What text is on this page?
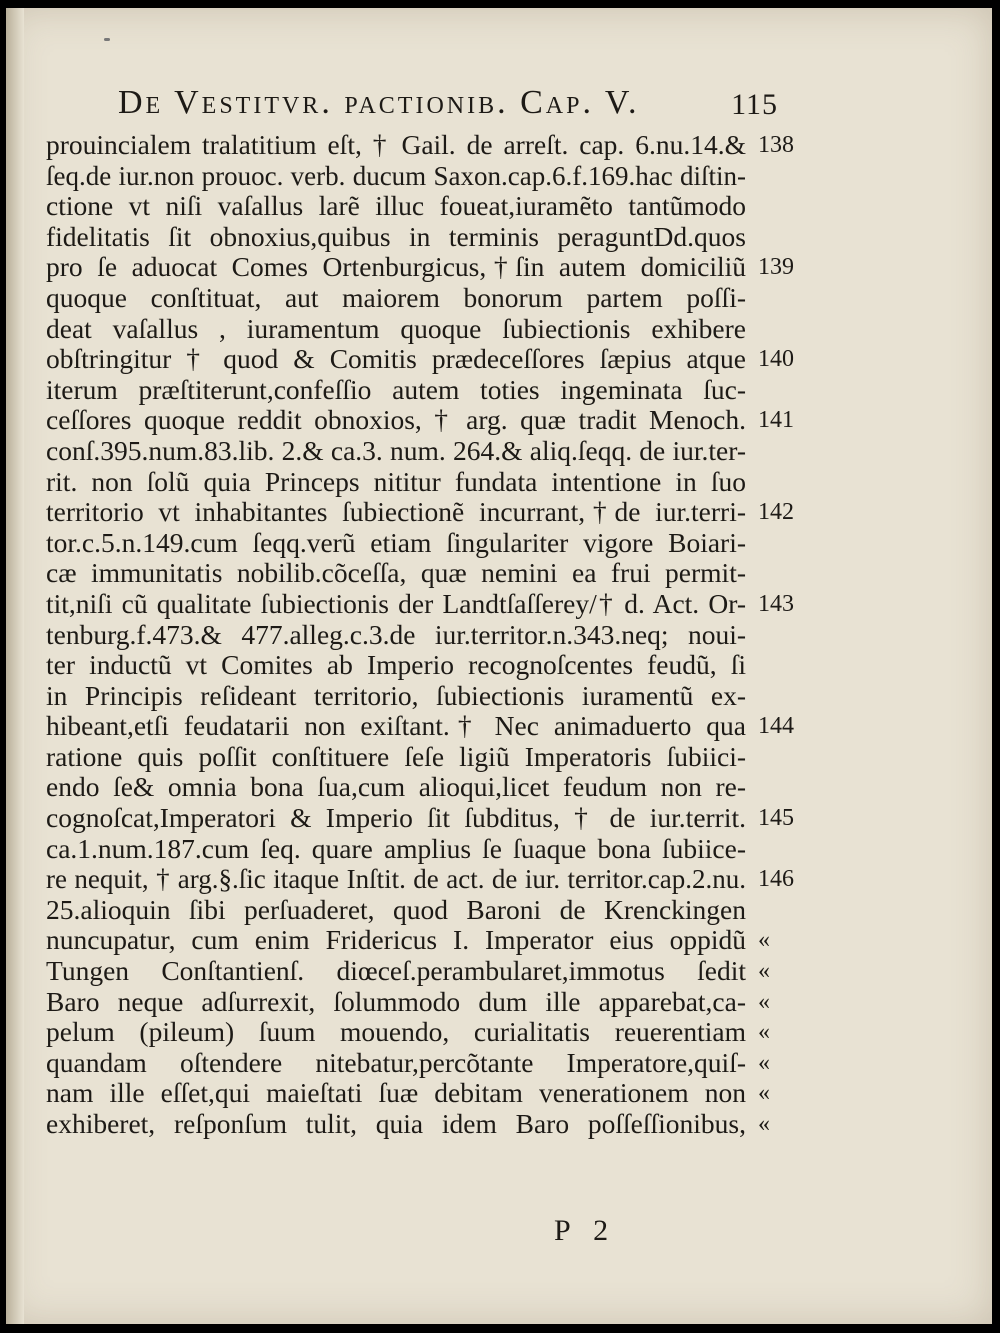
De Vestitvr. pactionib. Cap. V.	115
prouincialem tralatitium eſt, † Gail. de arreſt. cap. 6.nu.14.&
ſeq.de iur.non prouoc. verb. ducum Saxon.cap.6.f.169.hac diſtin-
ctione vt niſi vaſallus larẽ illuc foueat,iuramẽto tantũmodo
fidelitatis ſit obnoxius,quibus in terminis peraguntDd.quos
pro ſe aduocat Comes Ortenburgicus,†ſin autem domiciliũ
quoque conſtituat, aut maiorem bonorum partem poſſi-
deat vaſallus , iuramentum quoque ſubiectionis exhibere
obſtringitur † quod & Comitis prædeceſſores ſæpius atque
iterum præſtiterunt,confeſſio autem toties ingeminata ſuc-
ceſſores quoque reddit obnoxios, † arg. quæ tradit Menoch.
conſ.395.num.83.lib. 2.& ca.3. num. 264.& aliq.ſeqq. de iur.ter-
rit. non ſolũ quia Princeps nititur fundata intentione in ſuo
territorio vt inhabitantes ſubiectionẽ incurrant,†de iur.terri-
tor.c.5.n.149.cum ſeqq.verũ etiam ſingulariter vigore Boiari-
cæ immunitatis nobilib.cõceſſa, quæ nemini ea frui permit-
tit,niſi cũ qualitate ſubiectionis der Landtſaſſerey/† d. Act. Or-
tenburg.f.473.& 477.alleg.c.3.de iur.territor.n.343.neq; noui-
ter inductũ vt Comites ab Imperio recognoſcentes feudũ, ſi
in Principis reſideant territorio, ſubiectionis iuramentũ ex-
hibeant,etſi feudatarii non exiſtant.† Nec animaduerto qua
ratione quis poſſit conſtituere ſeſe ligiũ Imperatoris ſubiici-
endo ſe& omnia bona ſua,cum alioqui,licet feudum non re-
cognoſcat,Imperatori & Imperio ſit ſubditus, † de iur.territ.
ca.1.num.187.cum ſeq. quare amplius ſe ſuaque bona ſubiice-
re nequit, † arg.§.ſic itaque Inſtit. de act. de iur. territor.cap.2.nu.
25.alioquin ſibi perſuaderet, quod Baroni de Krenckingen
nuncupatur, cum enim Fridericus I. Imperator eius oppidũ
Tungen Conſtantienſ. diœceſ.perambularet,immotus ſedit
Baro neque adſurrexit, ſolummodo dum ille apparebat,ca-
pelum (pileum) ſuum mouendo, curialitatis reuerentiam
quandam oſtendere nitebatur,percõtante Imperatore,quiſ-
nam ille eſſet,qui maieſtati ſuæ debitam venerationem non
exhiberet, reſponſum tulit, quia idem Baro poſſeſſionibus,
138
139
140
141
142
143
144
145
146
«
«
«
«
«
«
«
P 2
